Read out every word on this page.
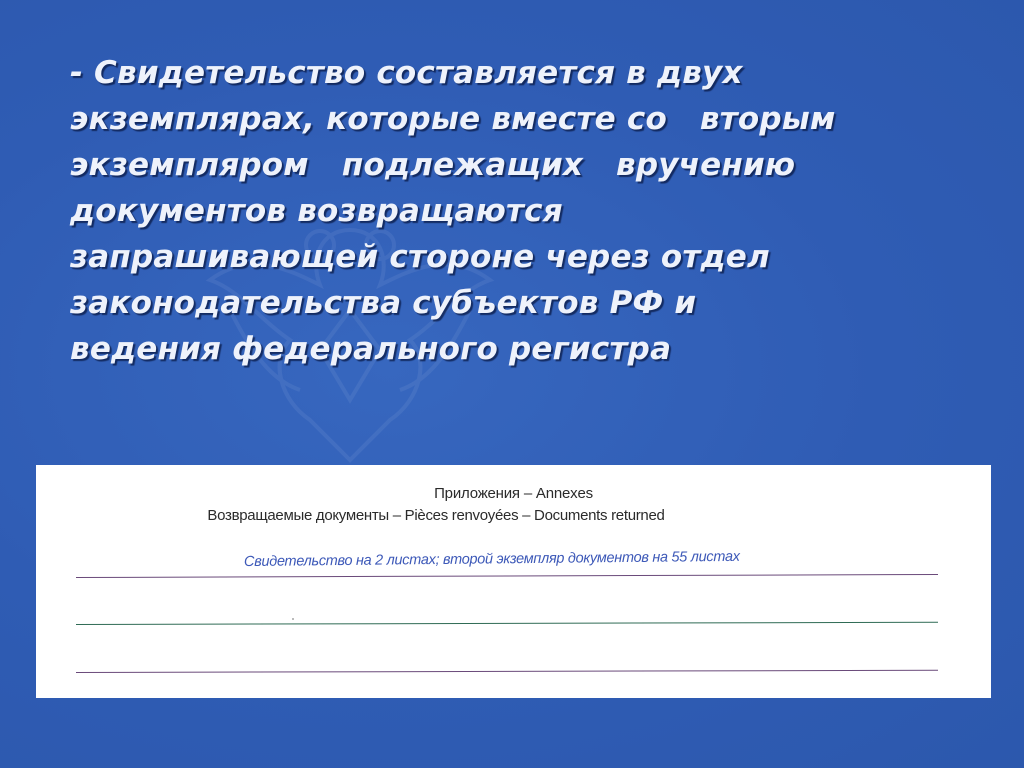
- Свидетельство составляется в двух
экземплярах, которые вместе со   вторым
экземпляром   подлежащих   вручению
документов возвращаются
запрашивающей стороне через отдел
законодательства субъектов РФ и
ведения федерального регистра
Приложения – Annexes
Возвращаемые документы – Pièces renvoyées – Documents returned
Свидетельство на 2 листах; второй экземпляр документов на 55 листах
